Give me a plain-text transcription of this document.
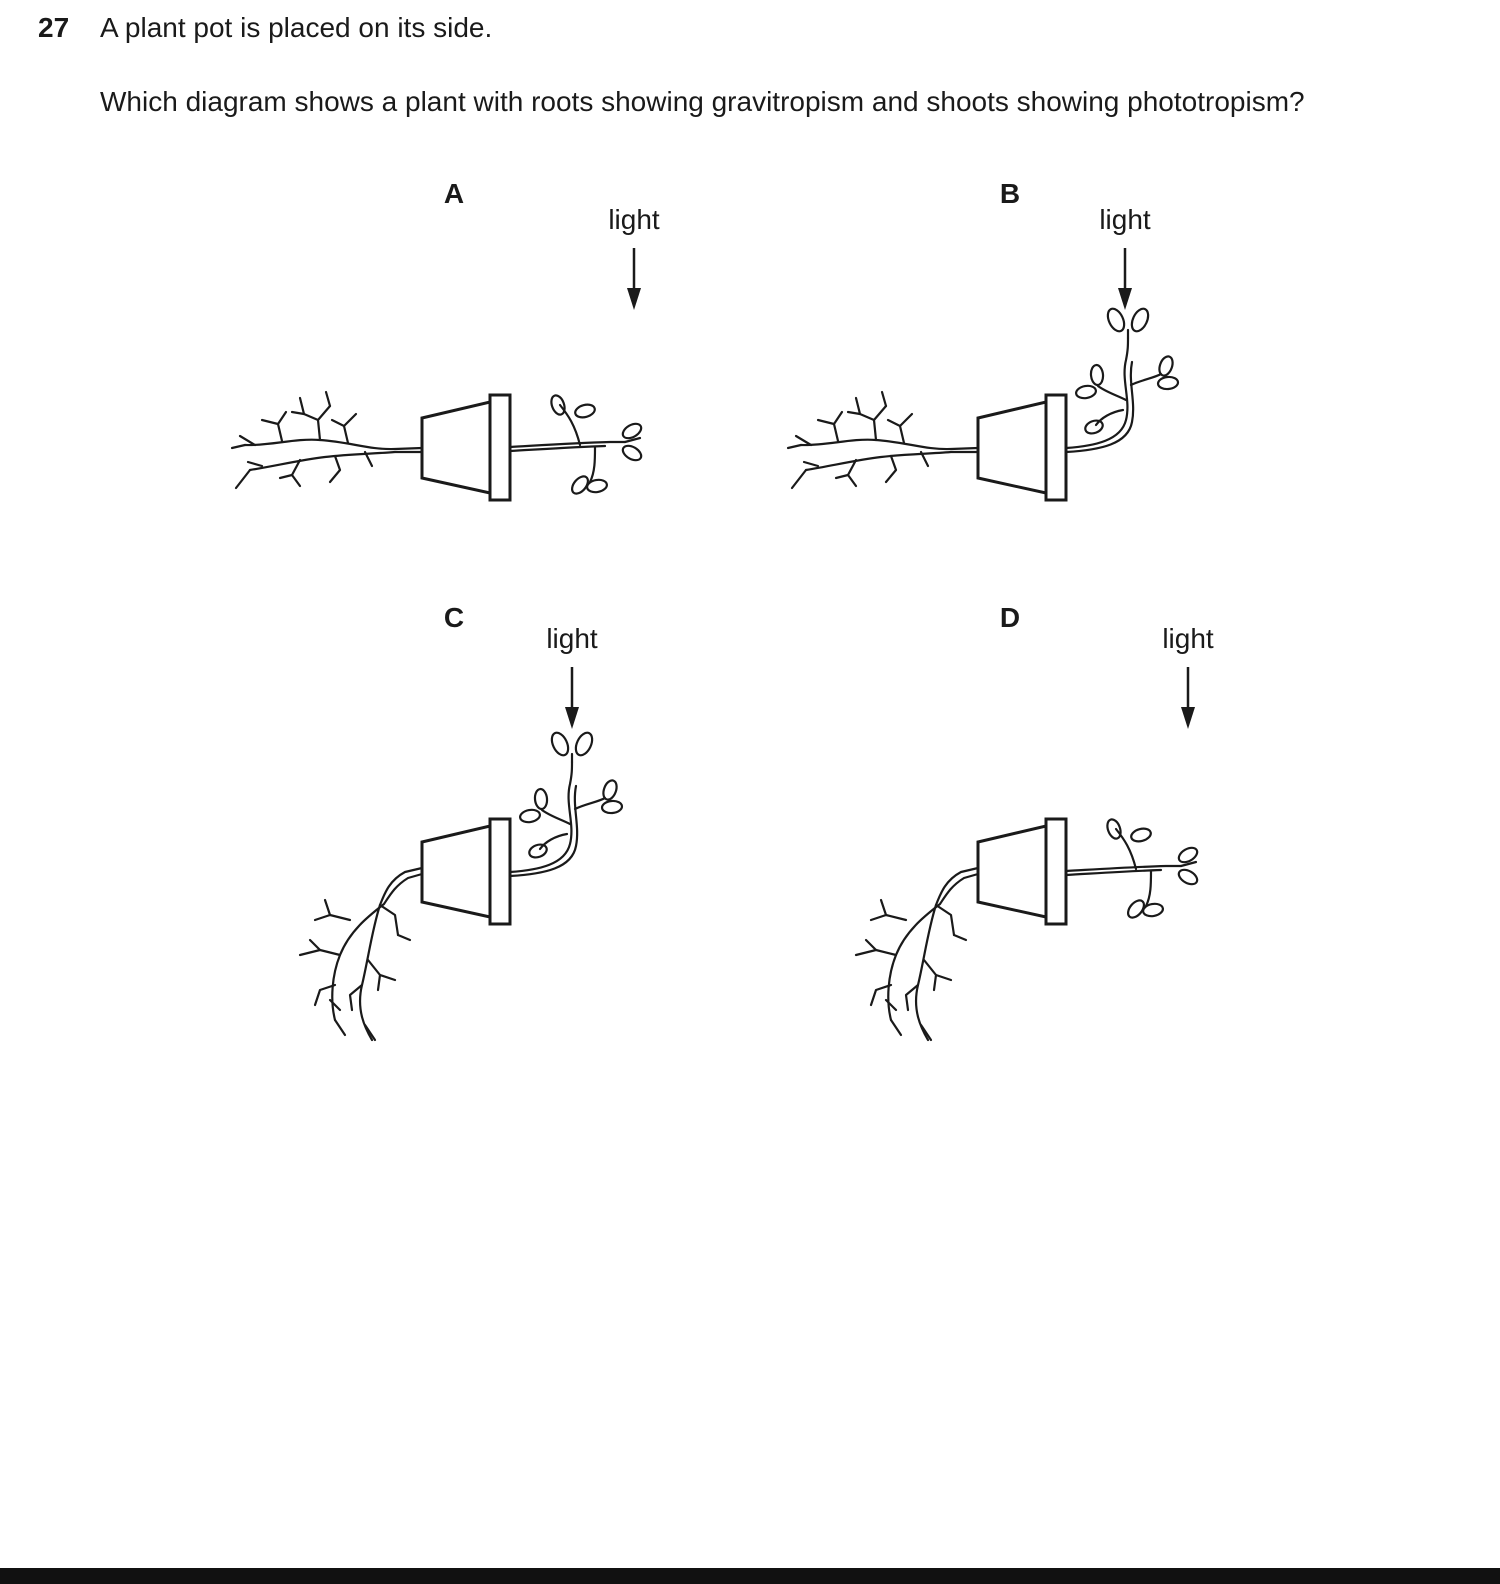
27 A plant pot is placed on its side.
Which diagram shows a plant with roots showing gravitropism and shoots showing phototropism?
A
light
B
light
C
light
D
light
